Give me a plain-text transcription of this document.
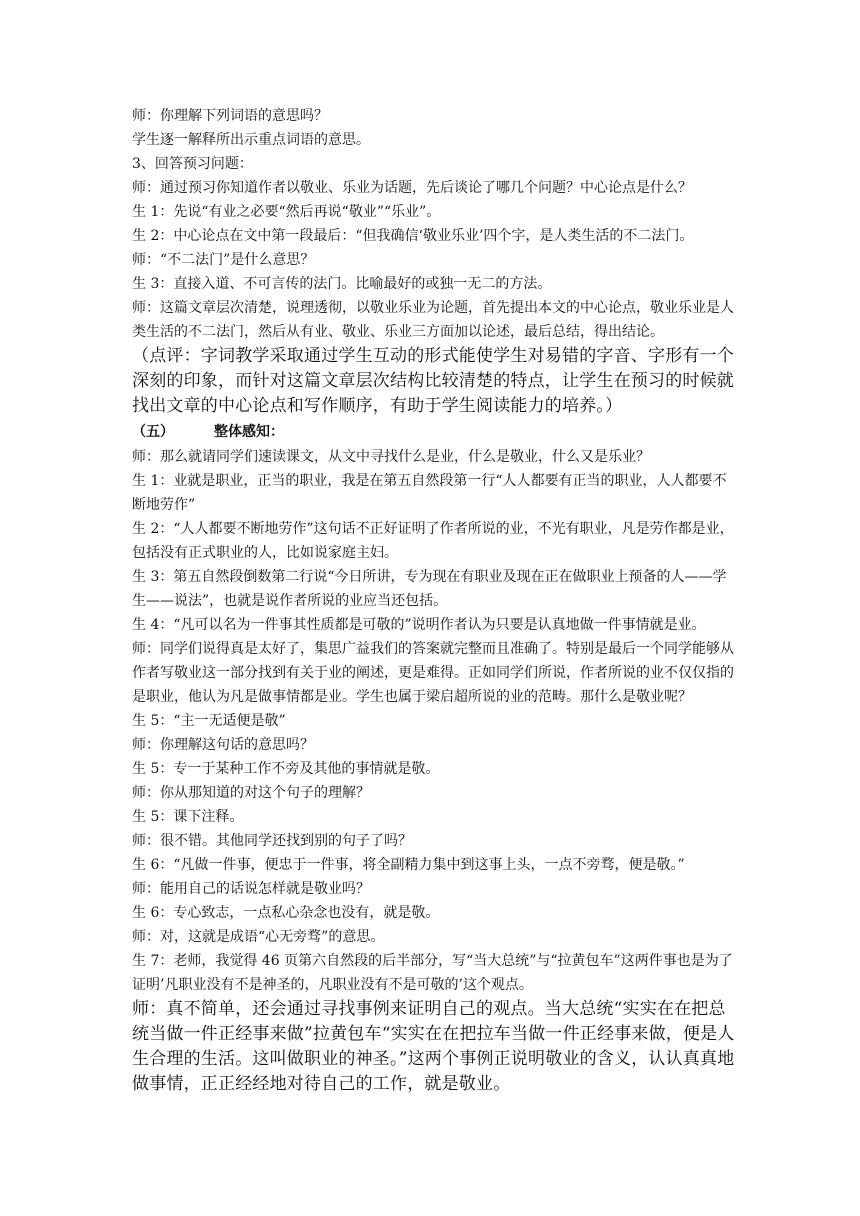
师：你理解下列词语的意思吗？

学生逐一解释所出示重点词语的意思。

3、回答预习问题：

师：通过预习你知道作者以敬业、乐业为话题，先后谈论了哪几个问题？中心论点是什么？

生 1：先说“有业之必要“然后再说“敬业”“乐业”。

生 2：中心论点在文中第一段最后：“但我确信‘敬业乐业’四个字，是人类生活的不二法门。

师：“不二法门”是什么意思？

生 3：直接入道、不可言传的法门。比喻最好的或独一无二的方法。

师：这篇文章层次清楚，说理透彻，以敬业乐业为论题，首先提出本文的中心论点，敬业乐业是人类生活的不二法门，然后从有业、敬业、乐业三方面加以论述，最后总结，得出结论。

（点评：字词教学采取通过学生互动的形式能使学生对易错的字音、字形有一个深刻的印象，而针对这篇文章层次结构比较清楚的特点，让学生在预习的时候就找出文章的中心论点和写作顺序，有助于学生阅读能力的培养。）

（五）	整体感知：

师：那么就请同学们速读课文，从文中寻找什么是业，什么是敬业，什么又是乐业？

生 1：业就是职业，正当的职业，我是在第五自然段第一行“人人都要有正当的职业，人人都要不断地劳作”

生 2：“人人都要不断地劳作”这句话不正好证明了作者所说的业，不光有职业，凡是劳作都是业，包括没有正式职业的人，比如说家庭主妇。

生 3：第五自然段倒数第二行说“今日所讲，专为现在有职业及现在正在做职业上预备的人——学生——说法”，也就是说作者所说的业应当还包括。

生 4：“凡可以名为一件事其性质都是可敬的”说明作者认为只要是认真地做一件事情就是业。

师：同学们说得真是太好了，集思广益我们的答案就完整而且准确了。特别是最后一个同学能够从作者写敬业这一部分找到有关于业的阐述，更是难得。正如同学们所说，作者所说的业不仅仅指的是职业，他认为凡是做事情都是业。学生也属于梁启超所说的业的范畴。那什么是敬业呢？

生 5：“主一无适便是敬”

师：你理解这句话的意思吗？

生 5：专一于某种工作不旁及其他的事情就是敬。

师：你从那知道的对这个句子的理解？

生 5：课下注释。

师：很不错。其他同学还找到别的句子了吗？

生 6：“凡做一件事，便忠于一件事，将全副精力集中到这事上头，一点不旁骛，便是敬。”

师：能用自己的话说怎样就是敬业吗？

生 6：专心致志，一点私心杂念也没有，就是敬。

师：对，这就是成语“心无旁骛”的意思。

生 7：老师，我觉得 46 页第六自然段的后半部分，写“当大总统”与“拉黄包车”这两件事也是为了证明’凡职业没有不是神圣的，凡职业没有不是可敬的’这个观点。

师：真不简单，还会通过寻找事例来证明自己的观点。当大总统“实实在在把总统当做一件正经事来做”拉黄包车“实实在在把拉车当做一件正经事来做，便是人生合理的生活。这叫做职业的神圣。”这两个事例正说明敬业的含义，认认真真地做事情，正正经经地对待自己的工作，就是敬业。
